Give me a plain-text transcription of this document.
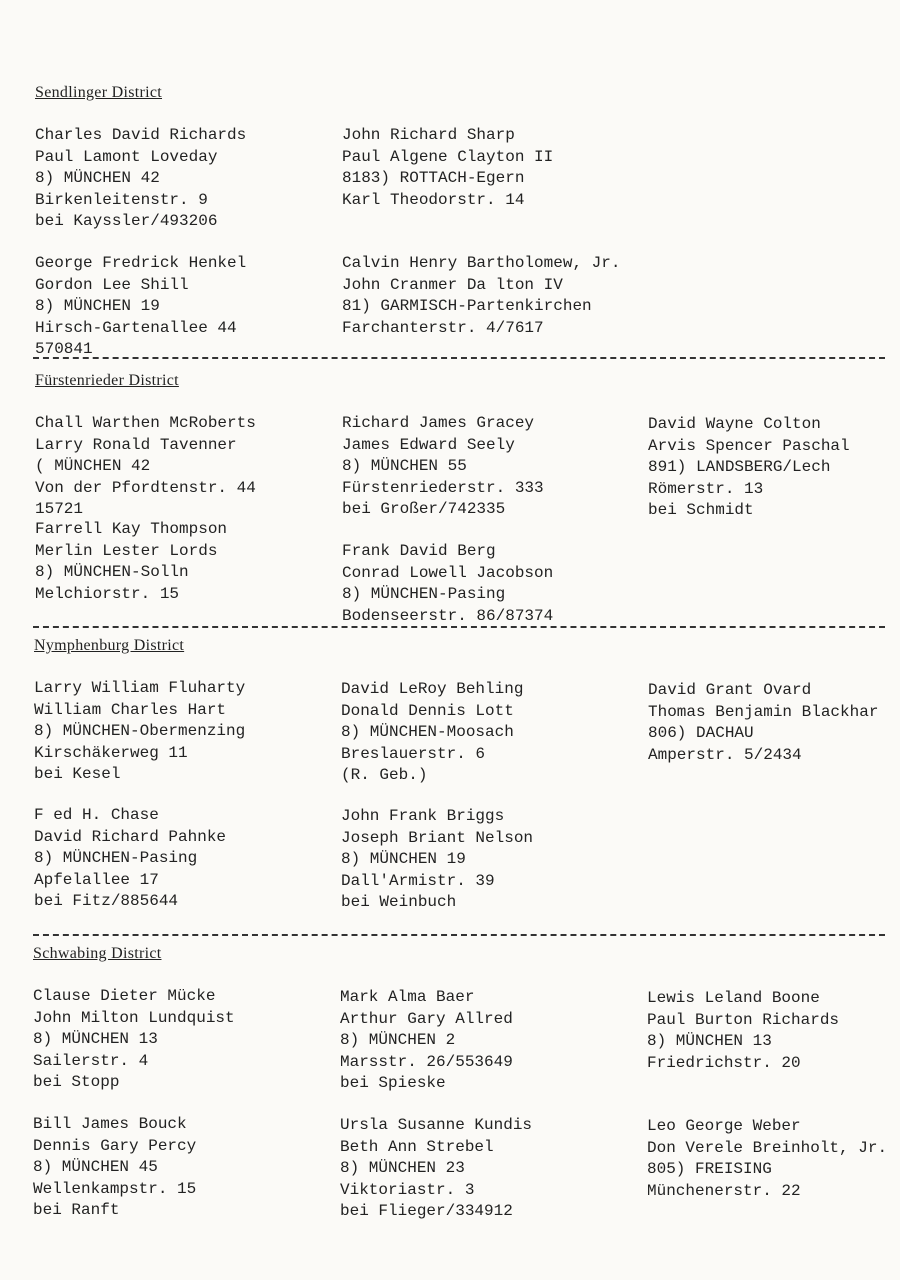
Sendlinger District
Charles David Richards
Paul Lamont Loveday
8) MÜNCHEN 42
Birkenleitenstr. 9
bei Kayssler/493206
John Richard Sharp
Paul Algene Clayton II
8183) ROTTACH-Egern
Karl Theodorstr. 14
George Fredrick Henkel
Gordon Lee Shill
8) MÜNCHEN 19
Hirsch-Gartenallee 44
570841
Calvin Henry Bartholomew, Jr.
John Cranmer Da lton IV
81) GARMISCH-Partenkirchen
Farchanterstr. 4/7617
Fürstenrieder District
Chall Warthen McRoberts
Larry Ronald Tavenner
( MÜNCHEN 42
Von der Pfordtenstr. 44
15721
Farrell Kay Thompson
Merlin Lester Lords
8) MÜNCHEN-Solln
Melchiorstr. 15
Richard James Gracey
James Edward Seely
8) MÜNCHEN 55
Fürstenriederstr. 333
bei Großer/742335
Frank David Berg
Conrad Lowell Jacobson
8) MÜNCHEN-Pasing
Bodenseerstr. 86/87374
David Wayne Colton
Arvis Spencer Paschal
891) LANDSBERG/Lech
Römerstr. 13
bei Schmidt
Nymphenburg District
Larry William Fluharty
William Charles Hart
8) MÜNCHEN-Obermenzing
Kirschäkerweg 11
bei Kesel
F ed H. Chase
David Richard Pahnke
8) MÜNCHEN-Pasing
Apfelallee 17
bei Fitz/885644
David LeRoy Behling
Donald Dennis Lott
8) MÜNCHEN-Moosach
Breslauerstr. 6
(R. Geb.)
John Frank Briggs
Joseph Briant Nelson
8) MÜNCHEN 19
Dall'Armistr. 39
bei Weinbuch
David Grant Ovard
Thomas Benjamin Blackhar
806) DACHAU
Amperstr. 5/2434
Schwabing District
Clause Dieter Mücke
John Milton Lundquist
8) MÜNCHEN 13
Sailerstr. 4
bei Stopp
Bill James Bouck
Dennis Gary Percy
8) MÜNCHEN 45
Wellenkampstr. 15
bei Ranft
Mark Alma Baer
Arthur Gary Allred
8) MÜNCHEN 2
Marsstr. 26/553649
bei Spieske
Ursla Susanne Kundis
Beth Ann Strebel
8) MÜNCHEN 23
Viktoriastr. 3
bei Flieger/334912
Lewis Leland Boone
Paul Burton Richards
8) MÜNCHEN 13
Friedrichstr. 20
Leo George Weber
Don Verele Breinholt, Jr.
805) FREISING
Münchenerstr. 22
